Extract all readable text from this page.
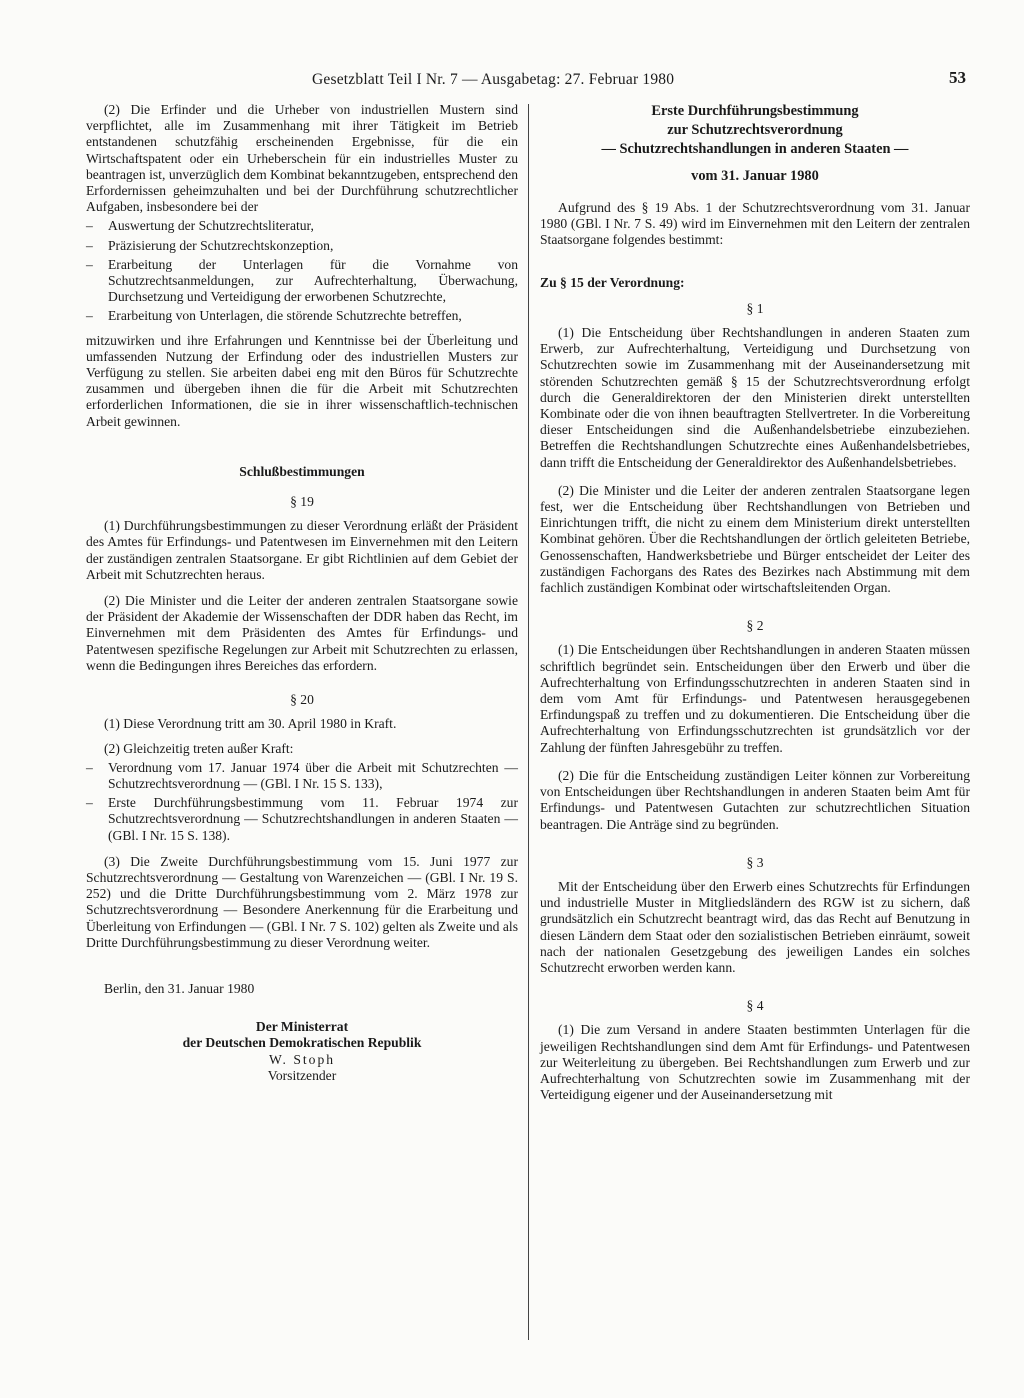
Gesetzblatt Teil I Nr. 7 — Ausgabetag: 27. Februar 1980	53

(2) Die Erfinder und die Urheber von industriellen Mustern sind verpflichtet, alle im Zusammenhang mit ihrer Tätigkeit im Betrieb entstandenen schutzfähig erscheinenden Ergebnisse, für die ein Wirtschaftspatent oder ein Urheberschein für ein industrielles Muster zu beantragen ist, unverzüglich dem Kombinat bekanntzugeben, entsprechend den Erfordernissen geheimzuhalten und bei der Durchführung schutzrechtlicher Aufgaben, insbesondere bei der

–	Auswertung der Schutzrechtsliteratur,
–	Präzisierung der Schutzrechtskonzeption,
–	Erarbeitung der Unterlagen für die Vornahme von Schutzrechtsanmeldungen, zur Aufrechterhaltung, Überwachung, Durchsetzung und Verteidigung der erworbenen Schutzrechte,
–	Erarbeitung von Unterlagen, die störende Schutzrechte betreffen,

mitzuwirken und ihre Erfahrungen und Kenntnisse bei der Überleitung und umfassenden Nutzung der Erfindung oder des industriellen Musters zur Verfügung zu stellen. Sie arbeiten dabei eng mit den Büros für Schutzrechte zusammen und übergeben ihnen die für die Arbeit mit Schutzrechten erforderlichen Informationen, die sie in ihrer wissenschaftlich-technischen Arbeit gewinnen.

Schlußbestimmungen

§ 19

(1) Durchführungsbestimmungen zu dieser Verordnung erläßt der Präsident des Amtes für Erfindungs- und Patentwesen im Einvernehmen mit den Leitern der zuständigen zentralen Staatsorgane. Er gibt Richtlinien auf dem Gebiet der Arbeit mit Schutzrechten heraus.

(2) Die Minister und die Leiter der anderen zentralen Staatsorgane sowie der Präsident der Akademie der Wissenschaften der DDR haben das Recht, im Einvernehmen mit dem Präsidenten des Amtes für Erfindungs- und Patentwesen spezifische Regelungen zur Arbeit mit Schutzrechten zu erlassen, wenn die Bedingungen ihres Bereiches das erfordern.

§ 20

(1) Diese Verordnung tritt am 30. April 1980 in Kraft.

(2) Gleichzeitig treten außer Kraft:

–	Verordnung vom 17. Januar 1974 über die Arbeit mit Schutzrechten — Schutzrechtsverordnung — (GBl. I Nr. 15 S. 133),
–	Erste Durchführungsbestimmung vom 11. Februar 1974 zur Schutzrechtsverordnung — Schutzrechtshandlungen in anderen Staaten — (GBl. I Nr. 15 S. 138).

(3) Die Zweite Durchführungsbestimmung vom 15. Juni 1977 zur Schutzrechtsverordnung — Gestaltung von Warenzeichen — (GBl. I Nr. 19 S. 252) und die Dritte Durchführungsbestimmung vom 2. März 1978 zur Schutzrechtsverordnung — Besondere Anerkennung für die Erarbeitung und Überleitung von Erfindungen — (GBl. I Nr. 7 S. 102) gelten als Zweite und als Dritte Durchführungsbestimmung zu dieser Verordnung weiter.

Berlin, den 31. Januar 1980

Der Ministerrat

der Deutschen Demokratischen Republik

W. Stoph

Vorsitzender

Erste Durchführungsbestimmung

zur Schutzrechtsverordnung

— Schutzrechtshandlungen in anderen Staaten —

vom 31. Januar 1980

Aufgrund des § 19 Abs. 1 der Schutzrechtsverordnung vom 31. Januar 1980 (GBl. I Nr. 7 S. 49) wird im Einvernehmen mit den Leitern der zentralen Staatsorgane folgendes bestimmt:

Zu § 15 der Verordnung:

§ 1

(1) Die Entscheidung über Rechtshandlungen in anderen Staaten zum Erwerb, zur Aufrechterhaltung, Verteidigung und Durchsetzung von Schutzrechten sowie im Zusammenhang mit der Auseinandersetzung mit störenden Schutzrechten gemäß § 15 der Schutzrechtsverordnung erfolgt durch die Generaldirektoren der den Ministerien direkt unterstellten Kombinate oder die von ihnen beauftragten Stellvertreter. In die Vorbereitung dieser Entscheidungen sind die Außenhandelsbetriebe einzubeziehen. Betreffen die Rechtshandlungen Schutzrechte eines Außenhandelsbetriebes, dann trifft die Entscheidung der Generaldirektor des Außenhandelsbetriebes.

(2) Die Minister und die Leiter der anderen zentralen Staatsorgane legen fest, wer die Entscheidung über Rechtshandlungen von Betrieben und Einrichtungen trifft, die nicht zu einem dem Ministerium direkt unterstellten Kombinat gehören. Über die Rechtshandlungen der örtlich geleiteten Betriebe, Genossenschaften, Handwerksbetriebe und Bürger entscheidet der Leiter des zuständigen Fachorgans des Rates des Bezirkes nach Abstimmung mit dem fachlich zuständigen Kombinat oder wirtschaftsleitenden Organ.

§ 2

(1) Die Entscheidungen über Rechtshandlungen in anderen Staaten müssen schriftlich begründet sein. Entscheidungen über den Erwerb und über die Aufrechterhaltung von Erfindungsschutzrechten in anderen Staaten sind in dem vom Amt für Erfindungs- und Patentwesen herausgegebenen Erfindungspaß zu treffen und zu dokumentieren. Die Entscheidung über die Aufrechterhaltung von Erfindungsschutzrechten ist grundsätzlich vor der Zahlung der fünften Jahresgebühr zu treffen.

(2) Die für die Entscheidung zuständigen Leiter können zur Vorbereitung von Entscheidungen über Rechtshandlungen in anderen Staaten beim Amt für Erfindungs- und Patentwesen Gutachten zur schutzrechtlichen Situation beantragen. Die Anträge sind zu begründen.

§ 3

Mit der Entscheidung über den Erwerb eines Schutzrechts für Erfindungen und industrielle Muster in Mitgliedsländern des RGW ist zu sichern, daß grundsätzlich ein Schutzrecht beantragt wird, das das Recht auf Benutzung in diesen Ländern dem Staat oder den sozialistischen Betrieben einräumt, soweit nach der nationalen Gesetzgebung des jeweiligen Landes ein solches Schutzrecht erworben werden kann.

§ 4

(1) Die zum Versand in andere Staaten bestimmten Unterlagen für die jeweiligen Rechtshandlungen sind dem Amt für Erfindungs- und Patentwesen zur Weiterleitung zu übergeben. Bei Rechtshandlungen zum Erwerb und zur Aufrechterhaltung von Schutzrechten sowie im Zusammenhang mit der Verteidigung eigener und der Auseinandersetzung mit
